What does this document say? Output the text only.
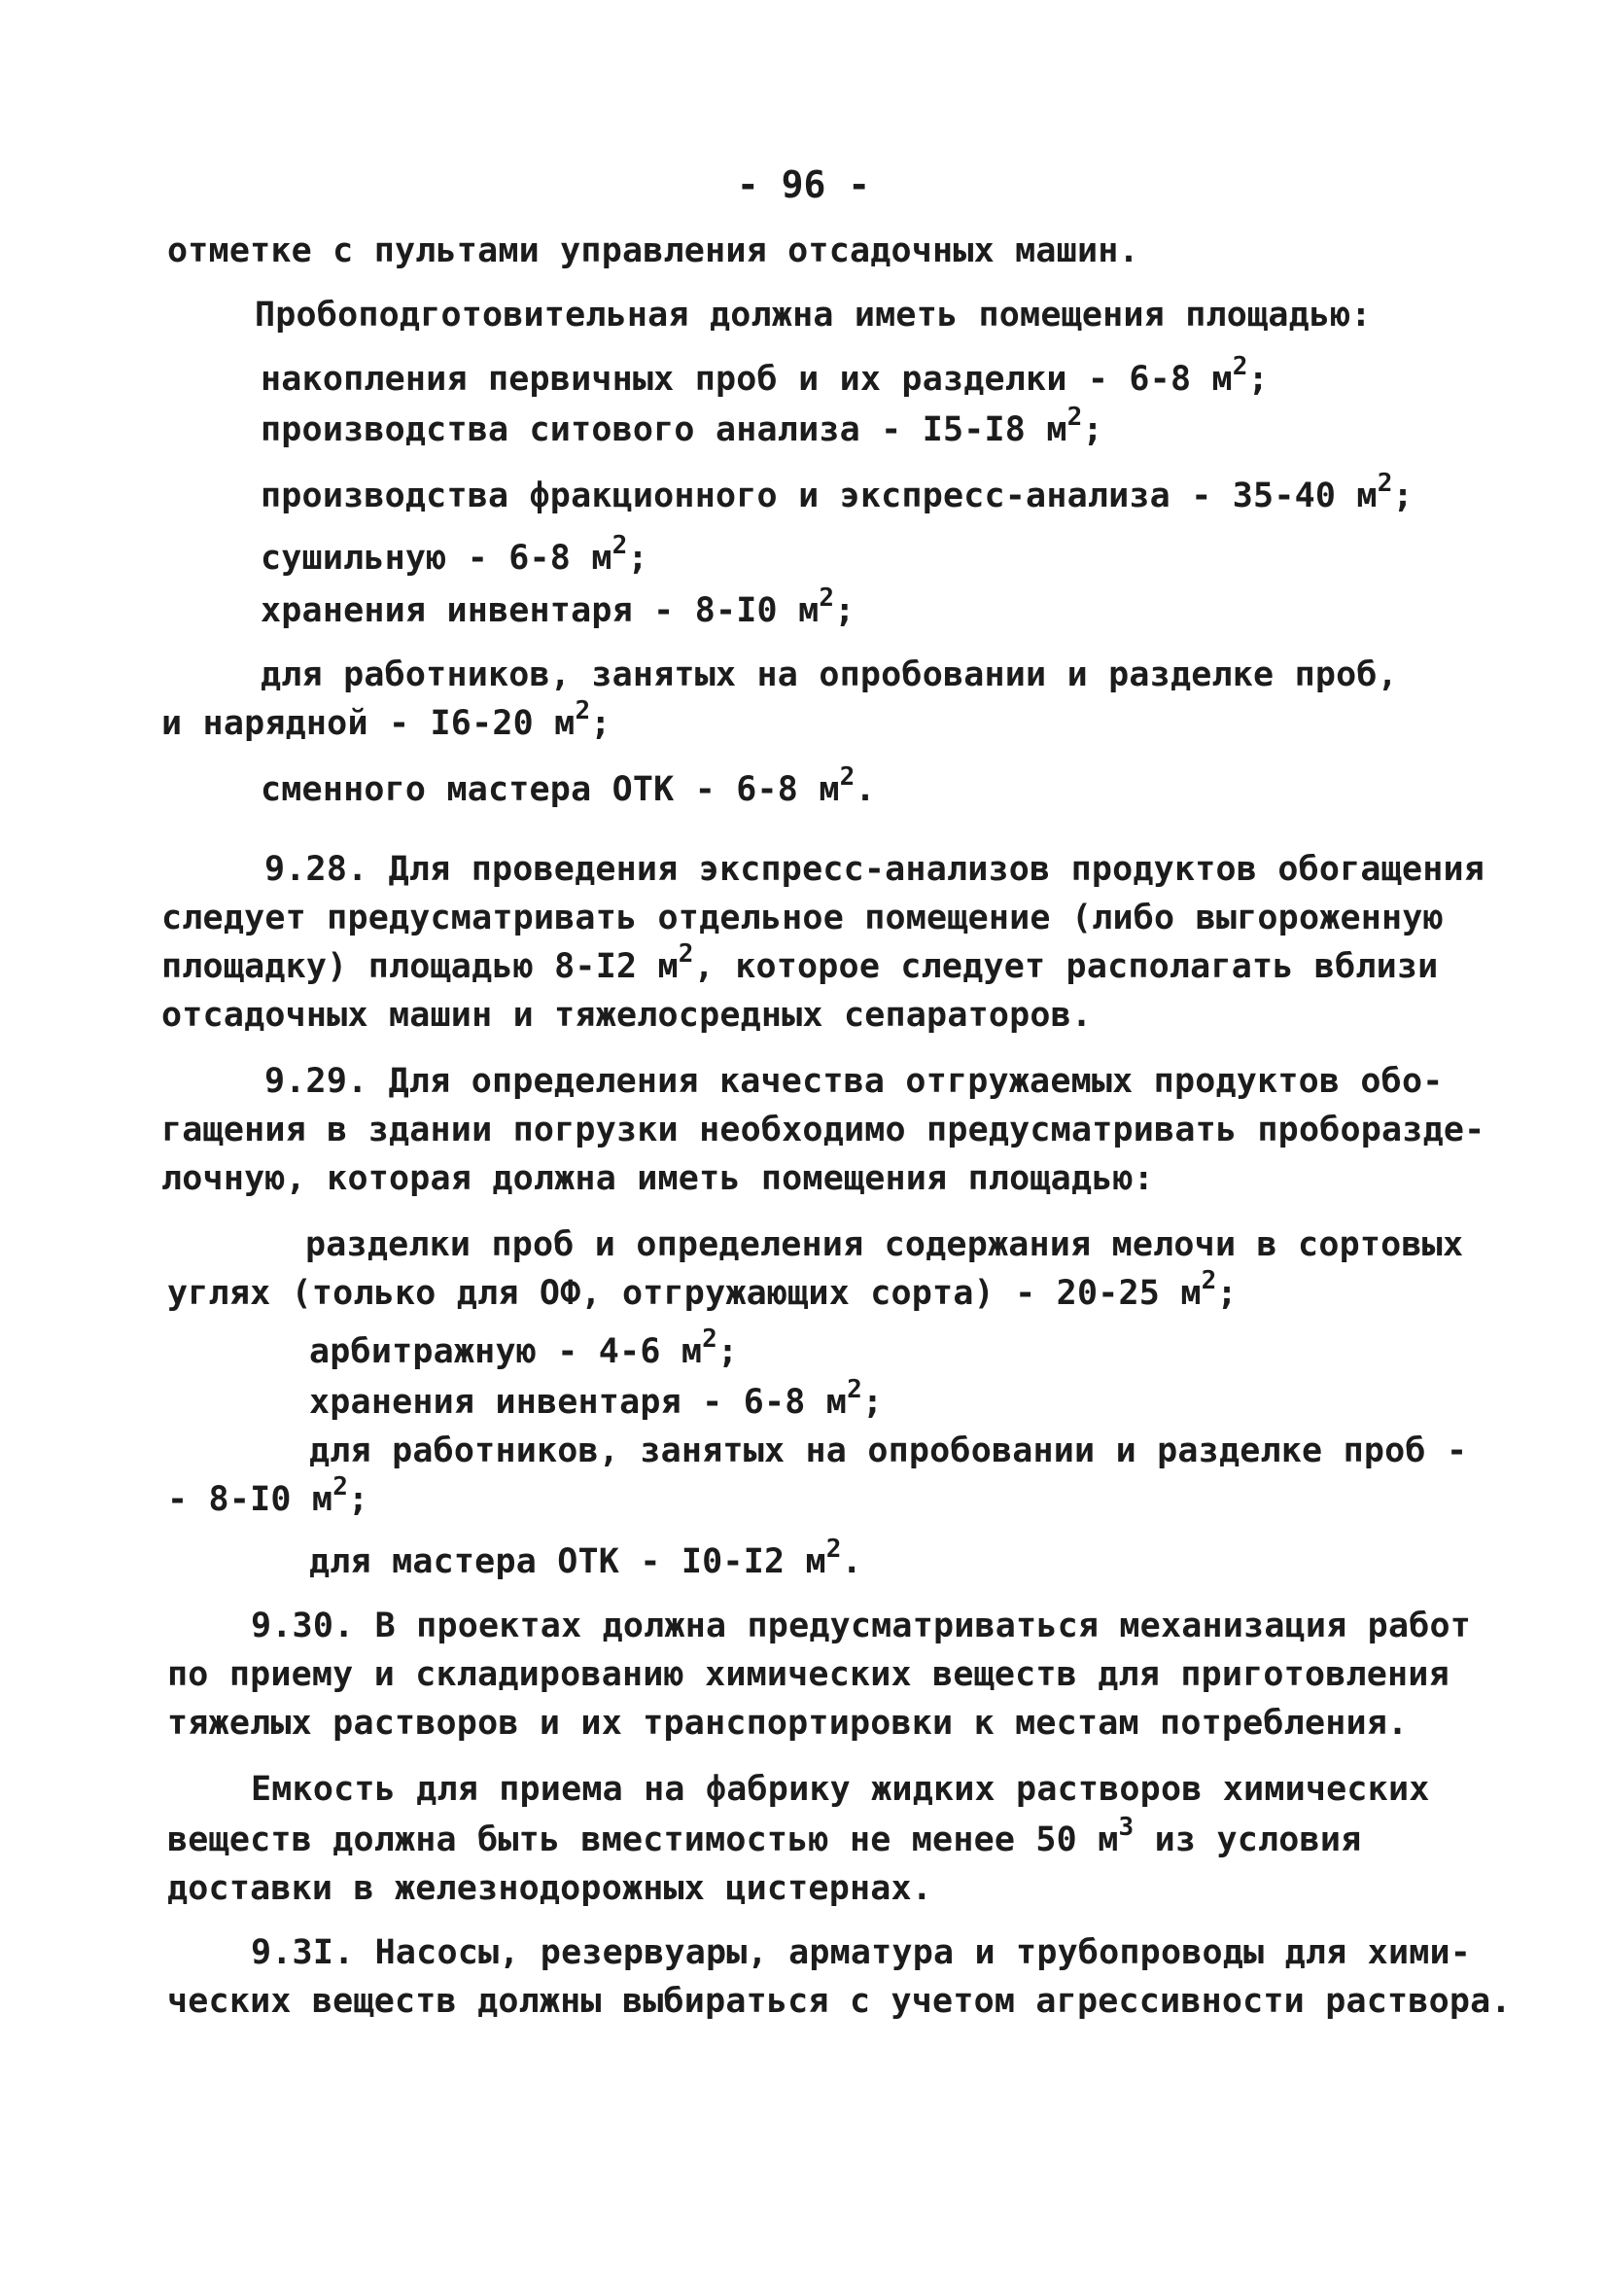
- 96 -
отметке с пультами управления отсадочных машин.
Пробоподготовительная должна иметь помещения площадью:
накопления первичных проб и их разделки - 6-8 $м^2$;
производства ситового анализа - I5-I8 $м^2$;
производства фракционного и экспресс-анализа - 35-40 $м^2$;
сушильную - 6-8 $м^2$;
хранения инвентаря - 8-I0 $м^2$;
для работников, занятых на опробовании и разделке проб,
и нарядной - I6-20 $м^2$;
сменного мастера ОТК - 6-8 $м^2$.
9.28. Для проведения экспресс-анализов продуктов обогащения
следует предусматривать отдельное помещение (либо выгороженную
площадку) площадью 8-I2 $м^2$, которое следует располагать вблизи
отсадочных машин и тяжелосредных сепараторов.
9.29. Для определения качества отгружаемых продуктов обо-
гащения в здании погрузки необходимо предусматривать проборазде-
лочную, которая должна иметь помещения площадью:
разделки проб и определения содержания мелочи в сортовых
углях (только для ОФ, отгружающих сорта) - 20-25 $м^2$;
арбитражную - 4-6 $м^2$;
хранения инвентаря - 6-8 $м^2$;
для работников, занятых на опробовании и разделке проб -
- 8-I0 $м^2$;
для мастера ОТК - I0-I2 $м^2$.
9.30. В проектах должна предусматриваться механизация работ
по приему и складированию химических веществ для приготовления
тяжелых растворов и их транспортировки к местам потребления.
Емкость для приема на фабрику жидких растворов химических
веществ должна быть вместимостью не менее 50 $м^3$ из условия
доставки в железнодорожных цистернах.
9.3I. Насосы, резервуары, арматура и трубопроводы для хими-
ческих веществ должны выбираться с учетом агрессивности раствора.
